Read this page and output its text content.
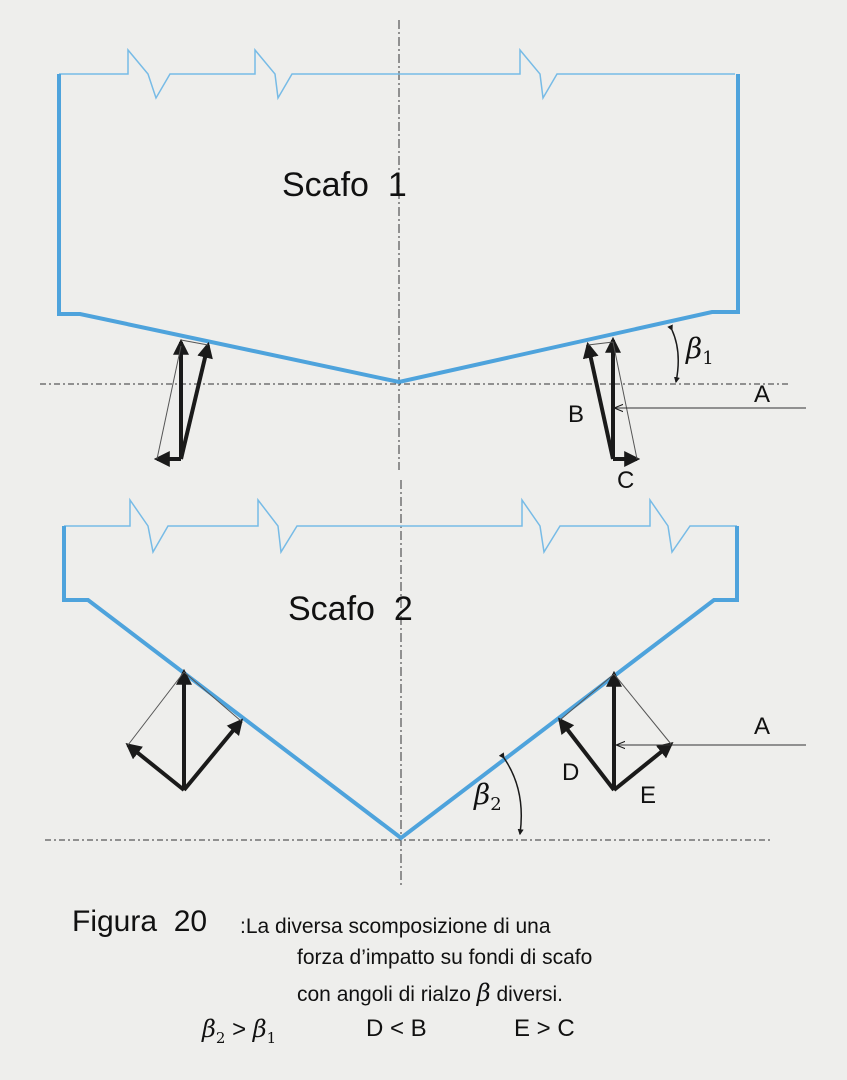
Scafo  1
Scafo  2
A
B
C
A
D
E
$\beta_1$
$\beta_2$
Figura  20 :La diversa scomposizione di una
forza d’impatto su fondi di scafo
con angoli di rialzo β diversi.
$\beta_2 > \beta_1$	D < B	E > C
